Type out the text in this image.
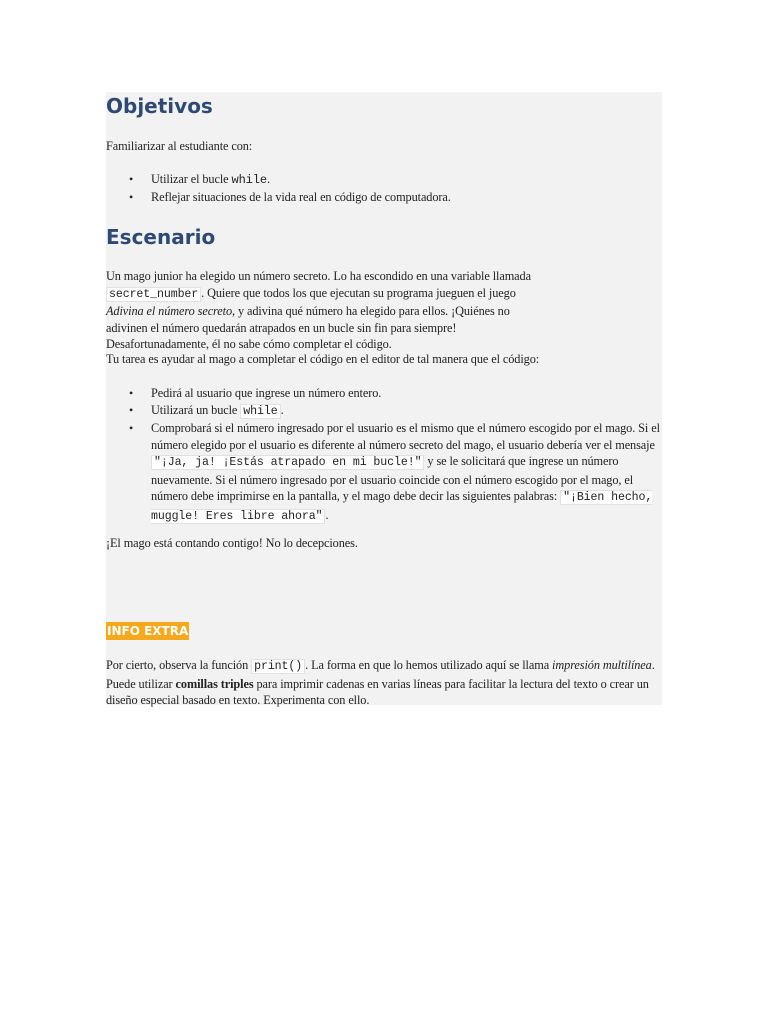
Objetivos

Familiarizar al estudiante con:

• Utilizar el bucle while.
• Reflejar situaciones de la vida real en código de computadora.
Escenario

Un mago junior ha elegido un número secreto. Lo ha escondido en una variable llamada secret_number . Quiere que todos los que ejecutan su programa jueguen el juego Adivina el número secreto, y adivina qué número ha elegido para ellos. ¡Quiénes no adivinen el número quedarán atrapados en un bucle sin fin para siempre! Desafortunadamente, él no sabe cómo completar el código.

Tu tarea es ayudar al mago a completar el código en el editor de tal manera que el código:

• Pedirá al usuario que ingrese un número entero.
• Utilizará un bucle while .
• Comprobará si el número ingresado por el usuario es el mismo que el número escogido por el mago. Si el número elegido por el usuario es diferente al número secreto del mago, el usuario debería ver el mensaje "¡Ja, ja! ¡Estás atrapado en mi bucle!" y se le solicitará que ingrese un número nuevamente. Si el número ingresado por el usuario coincide con el número escogido por el mago, el número debe imprimirse en la pantalla, y el mago debe decir las siguientes palabras: "¡Bien hecho, muggle! Eres libre ahora" .

¡El mago está contando contigo! No lo decepciones.

INFO EXTRA

Por cierto, observa la función print() . La forma en que lo hemos utilizado aquí se llama impresión multilínea. Puede utilizar comillas triples para imprimir cadenas en varias líneas para facilitar la lectura del texto o crear un diseño especial basado en texto. Experimenta con ello.
